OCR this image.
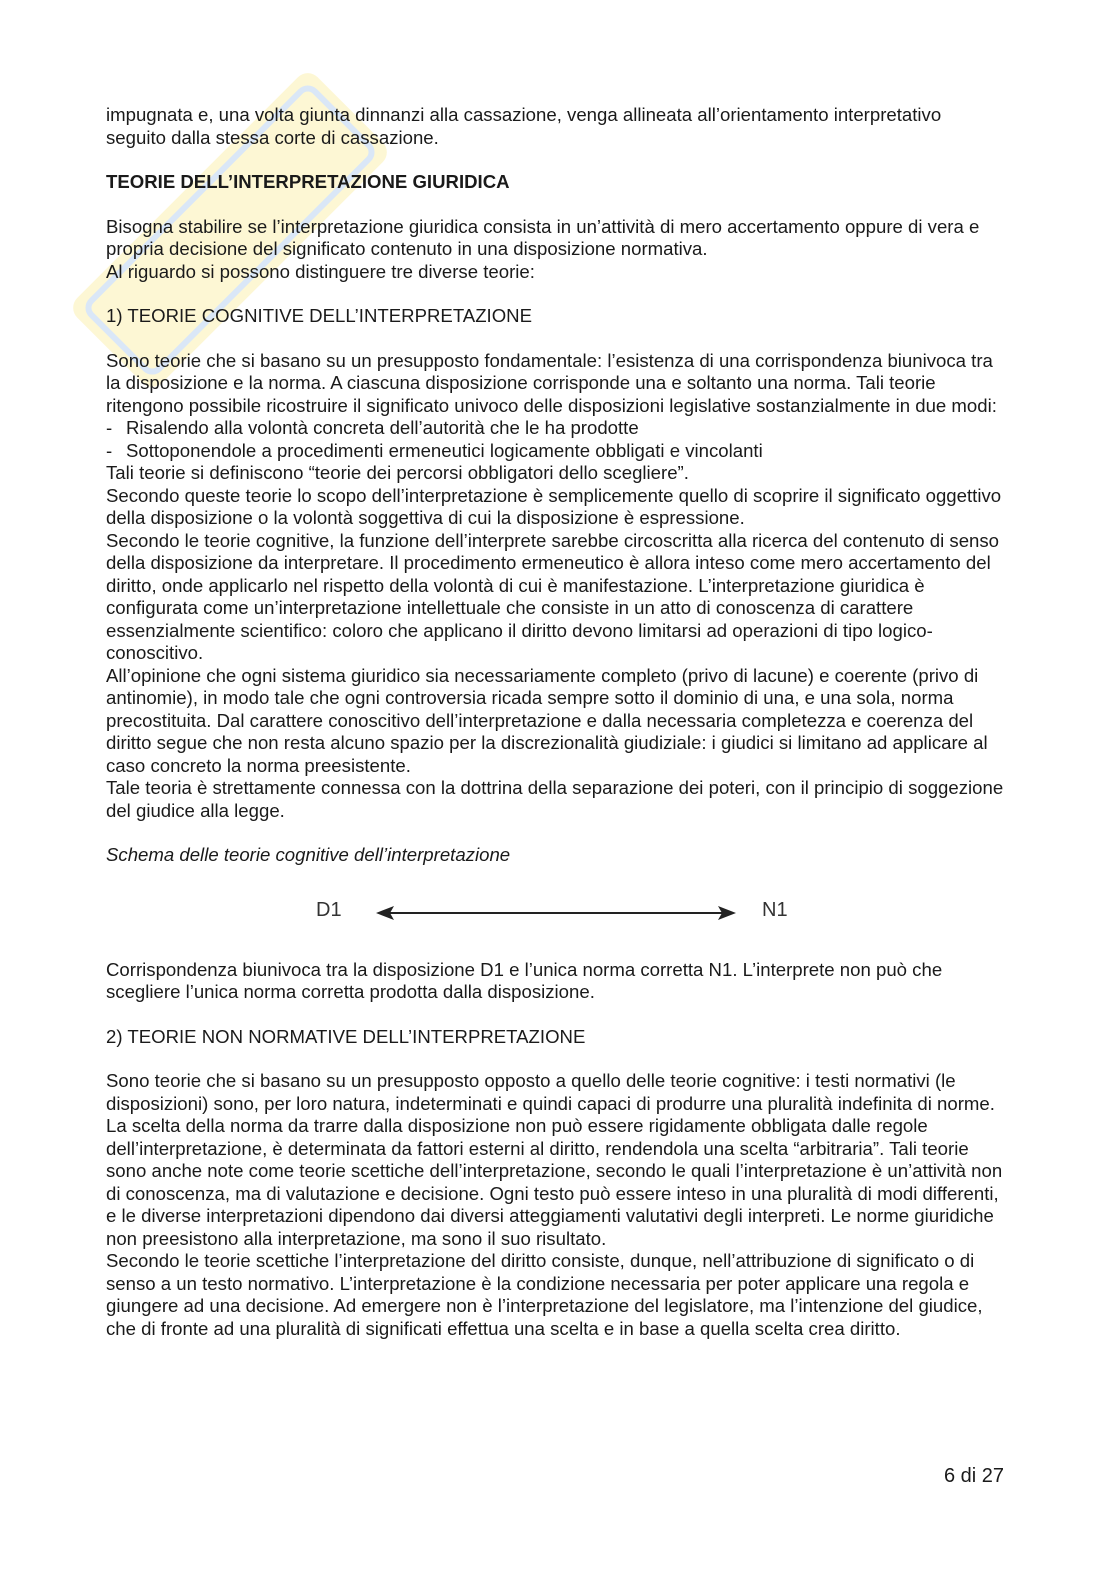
impugnata e, una volta giunta dinnanzi alla cassazione, venga allineata all’orientamento interpretativo seguito dalla stessa corte di cassazione.

TEORIE DELL’INTERPRETAZIONE GIURIDICA

Bisogna stabilire se l’interpretazione giuridica consista in un’attività di mero accertamento oppure di vera e propria decisione del significato contenuto in una disposizione normativa.

Al riguardo si possono distinguere tre diverse teorie:

1) TEORIE COGNITIVE DELL’INTERPRETAZIONE

Sono teorie che si basano su un presupposto fondamentale: l’esistenza di una corrispondenza biunivoca tra la disposizione e la norma. A ciascuna disposizione corrisponde una e soltanto una norma. Tali teorie ritengono possibile ricostruire il significato univoco delle disposizioni legislative sostanzialmente in due modi:

- Risalendo alla volontà concreta dell’autorità che le ha prodotte
- Sottoponendole a procedimenti ermeneutici logicamente obbligati e vincolanti

Tali teorie si definiscono “teorie dei percorsi obbligatori dello scegliere”.

Secondo queste teorie lo scopo dell’interpretazione è semplicemente quello di scoprire il significato oggettivo della disposizione o la volontà soggettiva di cui la disposizione è espressione.

Secondo le teorie cognitive, la funzione dell’interprete sarebbe circoscritta alla ricerca del contenuto di senso della disposizione da interpretare. Il procedimento ermeneutico è allora inteso come mero accertamento del diritto, onde applicarlo nel rispetto della volontà di cui è manifestazione. L’interpretazione giuridica è configurata come un’interpretazione intellettuale che consiste in un atto di conoscenza di carattere essenzialmente scientifico: coloro che applicano il diritto devono limitarsi ad operazioni di tipo logico-conoscitivo.

All’opinione che ogni sistema giuridico sia necessariamente completo (privo di lacune) e coerente (privo di antinomie), in modo tale che ogni controversia ricada sempre sotto il dominio di una, e una sola, norma precostituita. Dal carattere conoscitivo dell’interpretazione e dalla necessaria completezza e coerenza del diritto segue che non resta alcuno spazio per la discrezionalità giudiziale: i giudici si limitano ad applicare al caso concreto la norma preesistente.

Tale teoria è strettamente connessa con la dottrina della separazione dei poteri, con il principio di soggezione del giudice alla legge.

Schema delle teorie cognitive dell’interpretazione

D1	N1

Corrispondenza biunivoca tra la disposizione D1 e l’unica norma corretta N1. L’interprete non può che scegliere l’unica norma corretta prodotta dalla disposizione.

2) TEORIE NON NORMATIVE DELL’INTERPRETAZIONE

Sono teorie che si basano su un presupposto opposto a quello delle teorie cognitive: i testi normativi (le disposizioni) sono, per loro natura, indeterminati e quindi capaci di produrre una pluralità indefinita di norme. La scelta della norma da trarre dalla disposizione non può essere rigidamente obbligata dalle regole dell’interpretazione, è determinata da fattori esterni al diritto, rendendola una scelta “arbitraria”. Tali teorie sono anche note come teorie scettiche dell’interpretazione, secondo le quali l’interpretazione è un’attività non di conoscenza, ma di valutazione e decisione. Ogni testo può essere inteso in una pluralità di modi differenti, e le diverse interpretazioni dipendono dai diversi atteggiamenti valutativi degli interpreti. Le norme giuridiche non preesistono alla interpretazione, ma sono il suo risultato.

Secondo le teorie scettiche l’interpretazione del diritto consiste, dunque, nell’attribuzione di significato o di senso a un testo normativo. L’interpretazione è la condizione necessaria per poter applicare una regola e giungere ad una decisione. Ad emergere non è l’interpretazione del legislatore, ma l’intenzione del giudice, che di fronte ad una pluralità di significati effettua una scelta e in base a quella scelta crea diritto.

6 di 27
